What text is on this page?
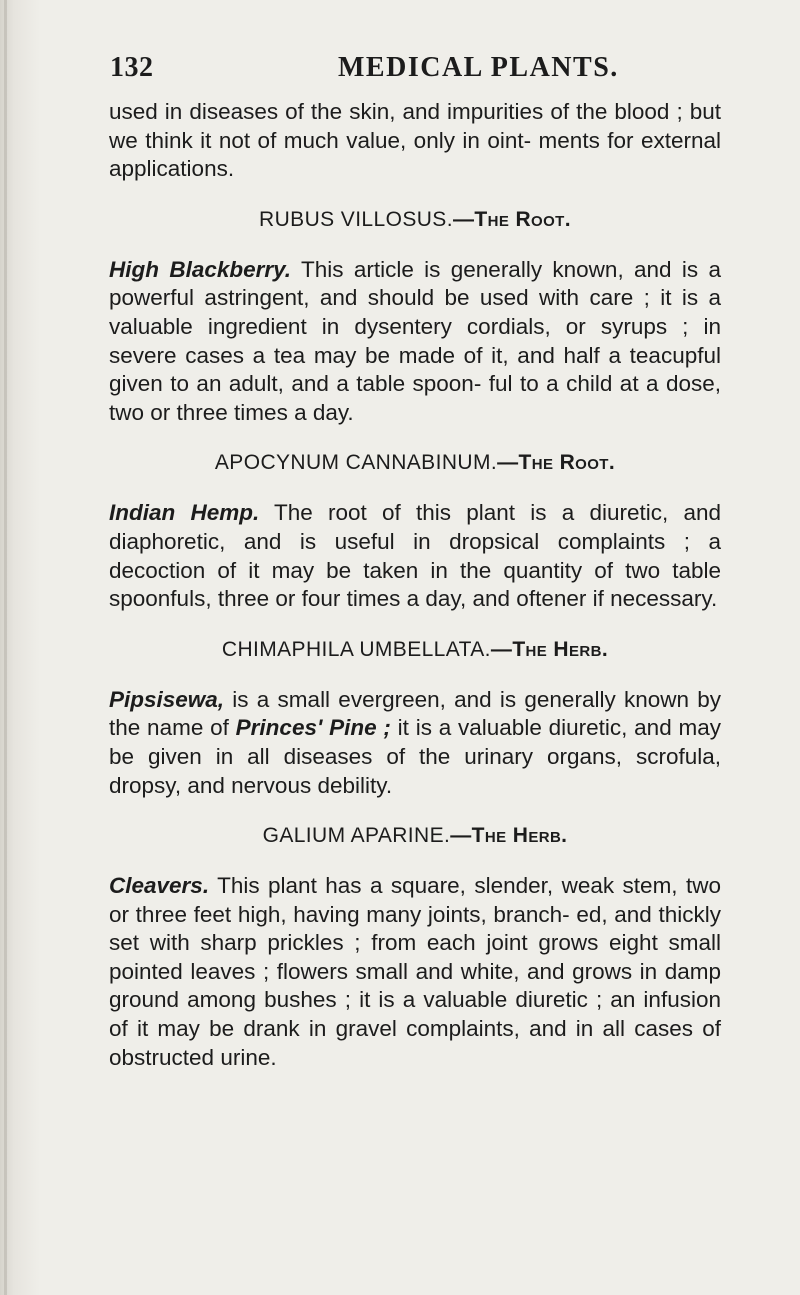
132	MEDICAL PLANTS.

used in diseases of the skin, and impurities of the blood ; but we think it not of much value, only in oint- ments for external applications.

RUBUS VILLOSUS.—The Root.

High Blackberry. This article is generally known, and is a powerful astringent, and should be used with care ; it is a valuable ingredient in dysentery cordials, or syrups ; in severe cases a tea may be made of it, and half a teacupful given to an adult, and a table spoon- ful to a child at a dose, two or three times a day.

APOCYNUM CANNABINUM.—The Root.

Indian Hemp. The root of this plant is a diuretic, and diaphoretic, and is useful in dropsical complaints ; a decoction of it may be taken in the quantity of two table spoonfuls, three or four times a day, and oftener if necessary.

CHIMAPHILA UMBELLATA.—The Herb.

Pipsisewa, is a small evergreen, and is generally known by the name of Princes' Pine ; it is a valuable diuretic, and may be given in all diseases of the urinary organs, scrofula, dropsy, and nervous debility.

GALIUM APARINE.—The Herb.

Cleavers. This plant has a square, slender, weak stem, two or three feet high, having many joints, branch- ed, and thickly set with sharp prickles ; from each joint grows eight small pointed leaves ; flowers small and white, and grows in damp ground among bushes ; it is a valuable diuretic ; an infusion of it may be drank in gravel complaints, and in all cases of obstructed urine.
